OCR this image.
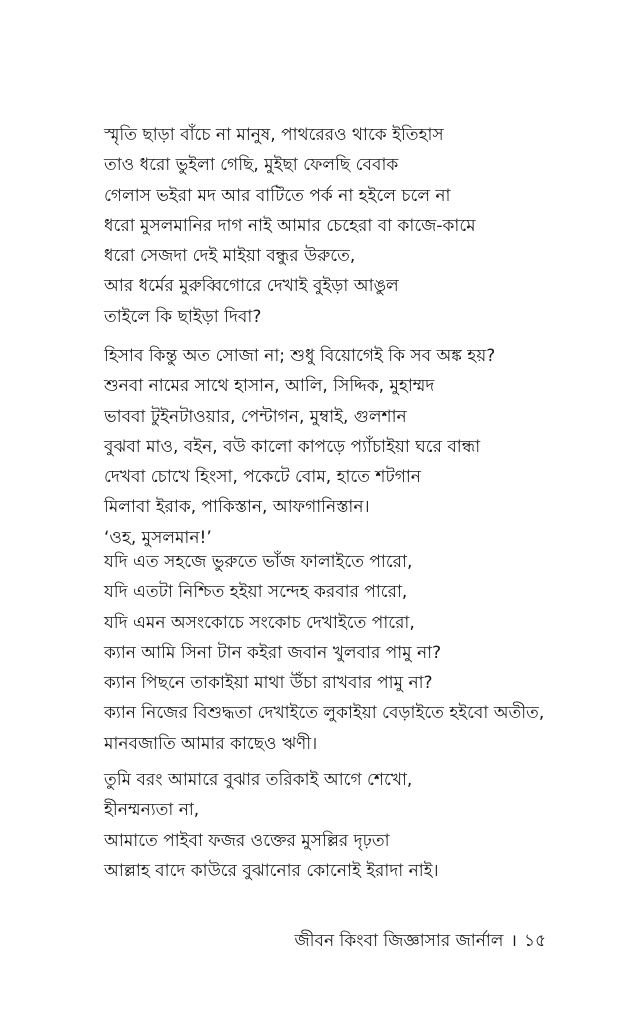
স্মৃতি ছাড়া বাঁচে না মানুষ, পাথরেরও থাকে ইতিহাস
তাও ধরো ভুইলা গেছি, মুইছা ফেলছি বেবাক
গেলাস ভইরা মদ আর বাটিতে পর্ক না হইলে চলে না
ধরো মুসলমানির দাগ নাই আমার চেহেরা বা কাজে-কামে
ধরো সেজদা দেই মাইয়া বন্ধুর উরুতে,
আর ধর্মের মুরুব্বিগোরে দেখাই বুইড়া আঙুল
তাইলে কি ছাইড়া দিবা?
হিসাব কিন্তু অত সোজা না; শুধু বিয়োগেই কি সব অঙ্ক হয়?
শুনবা নামের সাথে হাসান, আলি, সিদ্দিক, মুহাম্মদ
ভাববা টুইনটাওয়ার, পেন্টাগন, মুম্বাই, গুলশান
বুঝবা মাও, বইন, বউ কালো কাপড়ে প্যাঁচাইয়া ঘরে বান্ধা
দেখবা চোখে হিংসা, পকেটে বোম, হাতে শটগান
মিলাবা ইরাক, পাকিস্তান, আফগানিস্তান।
‘ওহ, মুসলমান!’
যদি এত সহজে ভুরুতে ভাঁজ ফালাইতে পারো,
যদি এতটা নিশ্চিত হইয়া সন্দেহ করবার পারো,
যদি এমন অসংকোচে সংকোচ দেখাইতে পারো,
ক্যান আমি সিনা টান কইরা জবান খুলবার পামু না?
ক্যান পিছনে তাকাইয়া মাথা উঁচা রাখবার পামু না?
ক্যান নিজের বিশুদ্ধতা দেখাইতে লুকাইয়া বেড়াইতে হইবো অতীত,
মানবজাতি আমার কাছেও ঋণী।
তুমি বরং আমারে বুঝার তরিকাই আগে শেখো,
হীনম্মন্যতা না,
আমাতে পাইবা ফজর ওক্তের মুসল্লির দৃঢ়তা
আল্লাহ বাদে কাউরে বুঝানোর কোনোই ইরাদা নাই।
জীবন কিংবা জিজ্ঞাসার জার্নাল । ১৫
